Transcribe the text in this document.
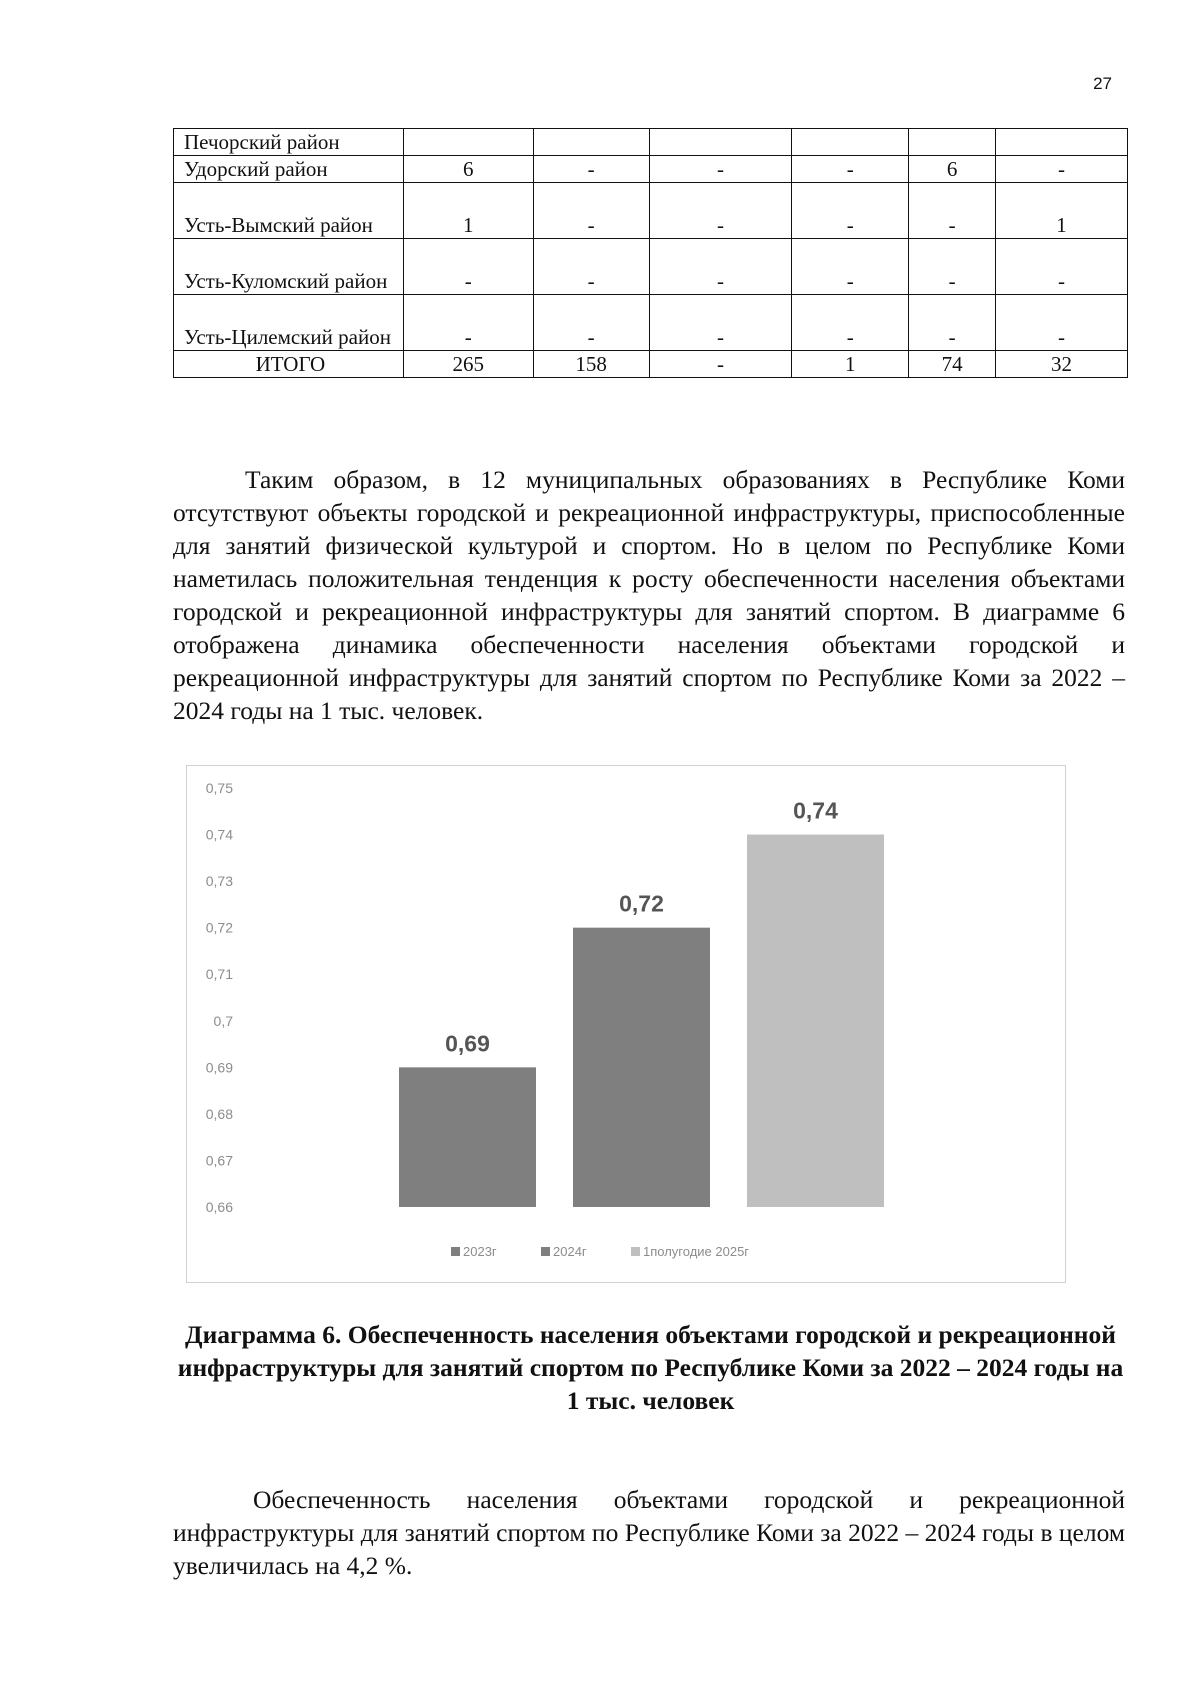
27
Печорский район						
Удорский район	6	-	-	-	6	-
Усть-Вымский район	1	-	-	-	-	1
Усть-Куломский район	-	-	-	-	-	-
Усть-Цилемский район	-	-	-	-	-	-
ИТОГО	265	158	-	1	74	32

Таким образом, в 12 муниципальных образованиях в Республике Коми отсутствуют объекты городской и рекреационной инфраструктуры, приспособленные для занятий физической культурой и спортом. Но в целом по Республике Коми наметилась положительная тенденция к росту обеспеченности населения объектами городской и рекреационной инфраструктуры для занятий спортом. В диаграмме 6 отображена динамика обеспеченности населения объектами городской и рекреационной инфраструктуры для занятий спортом по Республике Коми за 2022 – 2024 годы на 1 тыс. человек.

0,75
0,74
0,73
0,72
0,71
0,7
0,69
0,68
0,67
0,66
0,69
0,72
0,74
2023г	2024г	1полугодие 2025г
Диаграмма 6. Обеспеченность населения объектами городской и рекреационной инфраструктуры для занятий спортом по Республике Коми за 2022 – 2024 годы на 1 тыс. человек

Обеспеченность населения объектами городской и рекреационной инфраструктуры для занятий спортом по Республике Коми за 2022 – 2024 годы в целом увеличилась на 4,2 %.
